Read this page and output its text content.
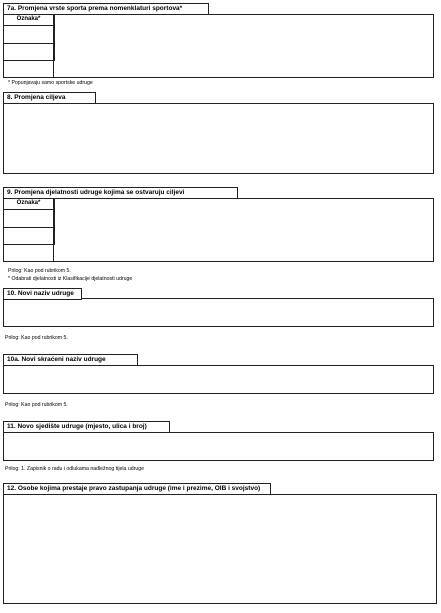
7a. Promjena vrste sporta prema nomenklaturi sportova*
Oznaka*
* Popunjavaju samo sportske udruge
8. Promjena ciljeva
9. Promjena djelatnosti udruge kojima se ostvaruju ciljevi
Oznaka*
Prilog: Kao pod rubrikom 5.
* Odabrati djelatnosti iz Klasifikacije djelatnosti udruge
10. Novi naziv udruge
Prilog: Kao pod rubrikom 5.
10a. Novi skraćeni naziv udruge
Prilog: Kao pod rubrikom 5.
11. Novo sjedište udruge (mjesto, ulica i broj)
Prilog: 1. Zapisnik o radu i odlukama nadležnog tijela udruge
12. Osobe kojima prestaje pravo zastupanja udruge (ime i prezime, OIB i svojstvo)
